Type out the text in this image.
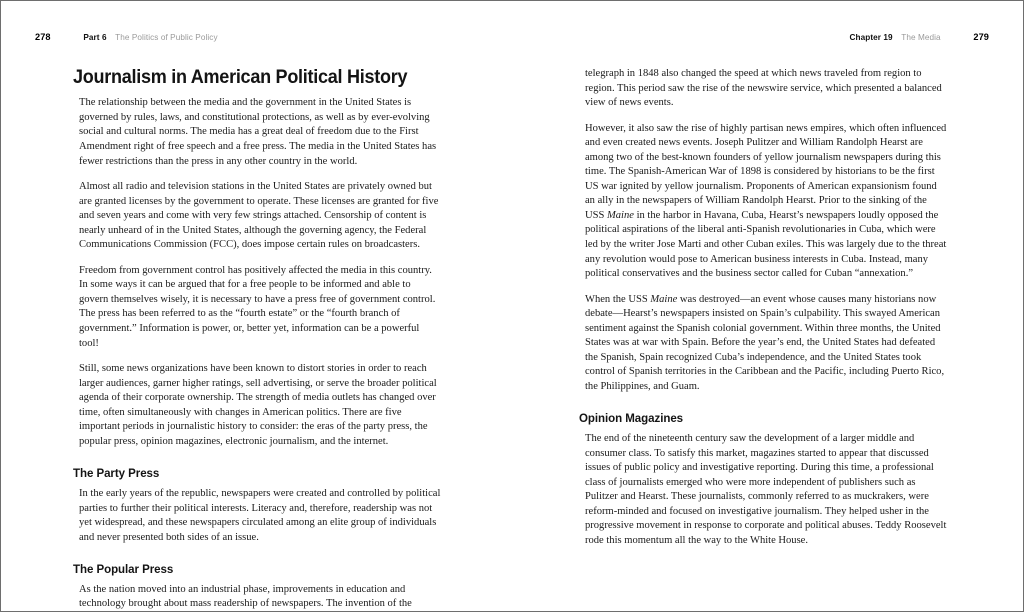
278	Part 6 The Politics of Public Policy	Chapter 19 The Media	279
Journalism in American Political History

The relationship between the media and the government in the United States is governed by rules, laws, and constitutional protections, as well as by ever-evolving social and cultural norms. The media has a great deal of freedom due to the First Amendment right of free speech and a free press. The media in the United States has fewer restrictions than the press in any other country in the world.

Almost all radio and television stations in the United States are privately owned but are granted licenses by the government to operate. These licenses are granted for five and seven years and come with very few strings attached. Censorship of content is nearly unheard of in the United States, although the governing agency, the Federal Communications Commission (FCC), does impose certain rules on broadcasters.

Freedom from government control has positively affected the media in this country. In some ways it can be argued that for a free people to be informed and able to govern themselves wisely, it is necessary to have a press free of government control. The press has been referred to as the “fourth estate” or the “fourth branch of government.” Information is power, or, better yet, information can be a powerful tool!

Still, some news organizations have been known to distort stories in order to reach larger audiences, garner higher ratings, sell advertising, or serve the broader political agenda of their corporate ownership. The strength of media outlets has changed over time, often simultaneously with changes in American politics. There are five important periods in journalistic history to consider: the eras of the party press, the popular press, opinion magazines, electronic journalism, and the internet.

The Party Press

In the early years of the republic, newspapers were created and controlled by political parties to further their political interests. Literacy and, therefore, readership was not yet widespread, and these newspapers circulated among an elite group of individuals and never presented both sides of an issue.

The Popular Press

As the nation moved into an industrial phase, improvements in education and technology brought about mass readership of newspapers. The invention of the

telegraph in 1848 also changed the speed at which news traveled from region to region. This period saw the rise of the newswire service, which presented a balanced view of news events.

However, it also saw the rise of highly partisan news empires, which often influenced and even created news events. Joseph Pulitzer and William Randolph Hearst are among two of the best-known founders of yellow journalism newspapers during this time. The Spanish-American War of 1898 is considered by historians to be the first US war ignited by yellow journalism. Proponents of American expansionism found an ally in the newspapers of William Randolph Hearst. Prior to the sinking of the USS Maine in the harbor in Havana, Cuba, Hearst’s newspapers loudly opposed the political aspirations of the liberal anti-Spanish revolutionaries in Cuba, which were led by the writer Jose Marti and other Cuban exiles. This was largely due to the threat any revolution would pose to American business interests in Cuba. Instead, many political conservatives and the business sector called for Cuban “annexation.”

When the USS Maine was destroyed—an event whose causes many historians now debate—Hearst’s newspapers insisted on Spain’s culpability. This swayed American sentiment against the Spanish colonial government. Within three months, the United States was at war with Spain. Before the year’s end, the United States had defeated the Spanish, Spain recognized Cuba’s independence, and the United States took control of Spanish territories in the Caribbean and the Pacific, including Puerto Rico, the Philippines, and Guam.

Opinion Magazines

The end of the nineteenth century saw the development of a larger middle and consumer class. To satisfy this market, magazines started to appear that discussed issues of public policy and investigative reporting. During this time, a professional class of journalists emerged who were more independent of publishers such as Pulitzer and Hearst. These journalists, commonly referred to as muckrakers, were reform-minded and focused on investigative journalism. They helped usher in the progressive movement in response to corporate and political abuses. Teddy Roosevelt rode this momentum all the way to the White House.
